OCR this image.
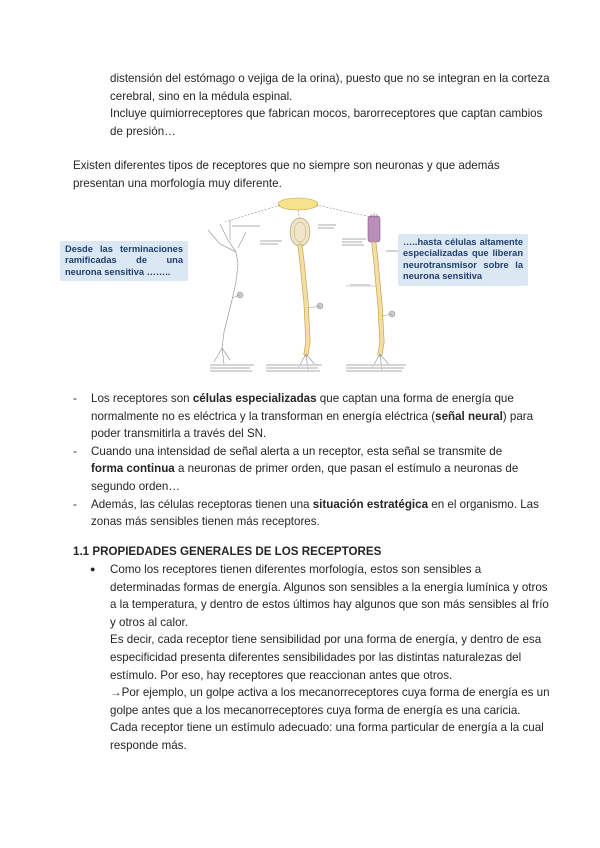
distensión del estómago o vejiga de la orina), puesto que no se integran en la corteza

cerebral, sino en la médula espinal.

Incluye quimiorreceptores que fabrican mocos, barorreceptores que captan cambios

de presión…

Existen diferentes tipos de receptores que no siempre son neuronas y que además

presentan una morfología muy diferente.

Desde las terminaciones ramificadas de una neurona sensitiva ……..
…..hasta células altamente especializadas que liberan neurotransmisor sobre la neurona sensitiva
- Los receptores son células especializadas que captan una forma de energía que

normalmente no es eléctrica y la transforman en energía eléctrica (señal neural) para

poder transmitirla a través del SN.

- Cuando una intensidad de señal alerta a un receptor, esta señal se transmite de

forma continua a neuronas de primer orden, que pasan el estímulo a neuronas de

segundo orden…

- Además, las células receptoras tienen una situación estratégica en el organismo. Las

zonas más sensibles tienen más receptores.

1.1 PROPIEDADES GENERALES DE LOS RECEPTORES

● Como los receptores tienen diferentes morfología, estos son sensibles a

determinadas formas de energía. Algunos son sensibles a la energía lumínica y otros

a la temperatura, y dentro de estos últimos hay algunos que son más sensibles al frío

y otros al calor.

Es decir, cada receptor tiene sensibilidad por una forma de energía, y dentro de esa

especificidad presenta diferentes sensibilidades por las distintas naturalezas del

estímulo. Por eso, hay receptores que reaccionan antes que otros.

→Por ejemplo, un golpe activa a los mecanorreceptores cuya forma de energía es un

golpe antes que a los mecanorreceptores cuya forma de energía es una caricia.

Cada receptor tiene un estímulo adecuado: una forma particular de energía a la cual

responde más.
